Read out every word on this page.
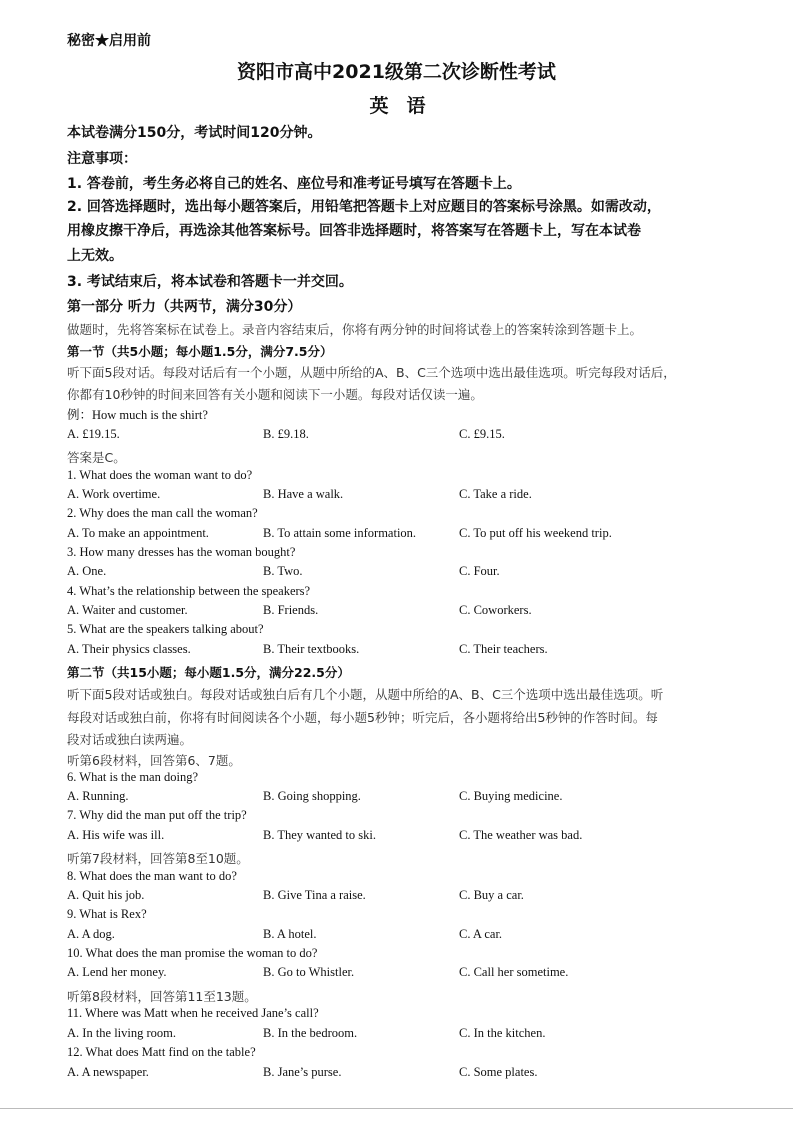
秘密★启用前
资阳市高中2021级第二次诊断性考试
英语
本试卷满分150分，考试时间120分钟。
注意事项：
1. 答卷前，考生务必将自己的姓名、座位号和准考证号填写在答题卡上。
2. 回答选择题时，选出每小题答案后，用铅笔把答题卡上对应题目的答案标号涂黑。如需改动，
用橡皮擦干净后，再选涂其他答案标号。回答非选择题时，将答案写在答题卡上，写在本试卷
上无效。
3. 考试结束后，将本试卷和答题卡一并交回。
第一部分 听力（共两节，满分30分）
做题时，先将答案标在试卷上。录音内容结束后，你将有两分钟的时间将试卷上的答案转涂到答题卡上。
第一节（共5小题；每小题1.5分，满分7.5分）
听下面5段对话。每段对话后有一个小题，从题中所给的A、B、C三个选项中选出最佳选项。听完每段对话后，
你都有10秒钟的时间来回答有关小题和阅读下一小题。每段对话仅读一遍。
例：How much is the shirt?
A. £19.15.	B. £9.18.	C. £9.15.
答案是C。
1. What does the woman want to do?
A. Work overtime.	B. Have a walk.	C. Take a ride.
2. Why does the man call the woman?
A. To make an appointment.	B. To attain some information.	C. To put off his weekend trip.
3. How many dresses has the woman bought?
A. One.	B. Two.	C. Four.
4. What’s the relationship between the speakers?
A. Waiter and customer.	B. Friends.	C. Coworkers.
5. What are the speakers talking about?
A. Their physics classes.	B. Their textbooks.	C. Their teachers.
第二节（共15小题；每小题1.5分，满分22.5分）
听下面5段对话或独白。每段对话或独白后有几个小题，从题中所给的A、B、C三个选项中选出最佳选项。听
每段对话或独白前，你将有时间阅读各个小题，每小题5秒钟；听完后，各小题将给出5秒钟的作答时间。每
段对话或独白读两遍。
听第6段材料，回答第6、7题。
6. What is the man doing?
A. Running.	B. Going shopping.	C. Buying medicine.
7. Why did the man put off the trip?
A. His wife was ill.	B. They wanted to ski.	C. The weather was bad.
听第7段材料，回答第8至10题。
8. What does the man want to do?
A. Quit his job.	B. Give Tina a raise.	C. Buy a car.
9. What is Rex?
A. A dog.	B. A hotel.	C. A car.
10. What does the man promise the woman to do?
A. Lend her money.	B. Go to Whistler.	C. Call her sometime.
听第8段材料，回答第11至13题。
11. Where was Matt when he received Jane’s call?
A. In the living room.	B. In the bedroom.	C. In the kitchen.
12. What does Matt find on the table?
A. A newspaper.	B. Jane’s purse.	C. Some plates.
